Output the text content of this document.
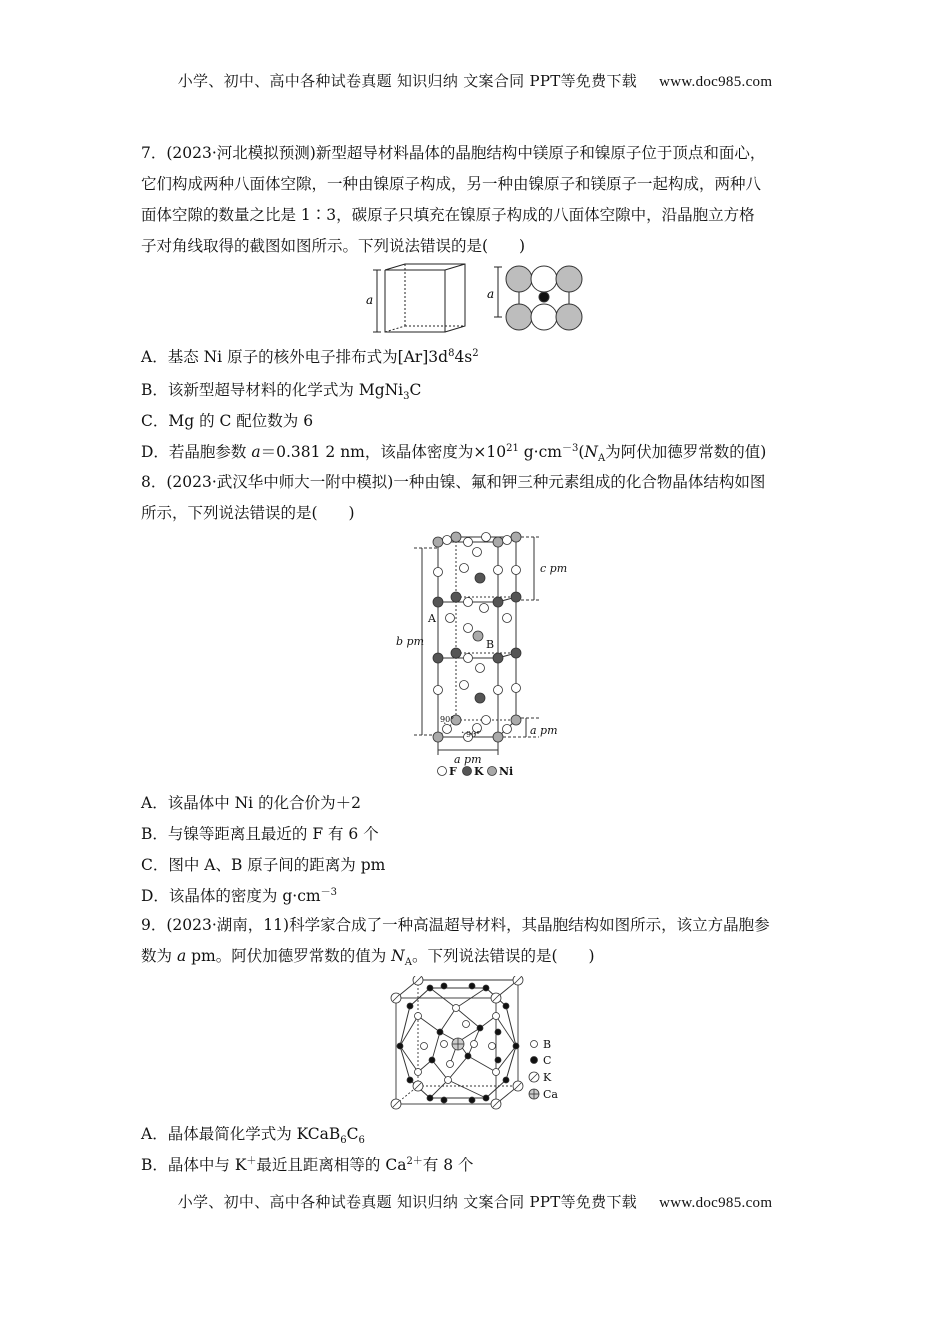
小学、初中、高中各种试卷真题 知识归纳 文案合同 PPT等免费下载 www.doc985.com

7．(2023·河北模拟预测)新型超导材料晶体的晶胞结构中镁原子和镍原子位于顶点和面心，

它们构成两种八面体空隙，一种由镍原子构成，另一种由镍原子和镁原子一起构成，两种八

面体空隙的数量之比是 1∶3，碳原子只填充在镍原子构成的八面体空隙中，沿晶胞立方格

子对角线取得的截图如图所示。下列说法错误的是(　　)

a	a
A．基态 Ni 原子的核外电子排布式为$[Ar]3d^84s^2$
B．该新型超导材料的化学式为 MgNi$_3$C
C．Mg 的 C 配位数为 6
D．若晶胞参数 a＝0.381 2 nm，该晶体密度为$\times 10^{21}$ $g\cdot cm^{-3}(N_A$为阿伏加德罗常数的值)

8．(2023·武汉华中师大一附中模拟)一种由镍、氟和钾三种元素组成的化合物晶体结构如图

所示，下列说法错误的是(　　)

c pm
b pm
a pm
a pm
90°
90°
A
B
F K Ni
A．该晶体中 Ni 的化合价为＋2
B．与镍等距离且最近的 F 有 6 个
C．图中 A、B 原子间的距离为 pm
D．该晶体的密度为 $g\cdot cm^{-3}$

9．(2023·湖南，11)科学家合成了一种高温超导材料，其晶胞结构如图所示，该立方晶胞参

数为 a pm。阿伏加德罗常数的值为 $N_A$。下列说法错误的是(　　)

B
C
K
Ca
A．晶体最简化学式为 $KCaB_6C_6$
B．晶体中与 K＋最近且距离相等的 $Ca^{2+}$有 8 个
小学、初中、高中各种试卷真题 知识归纳 文案合同 PPT等免费下载 www.doc985.com
